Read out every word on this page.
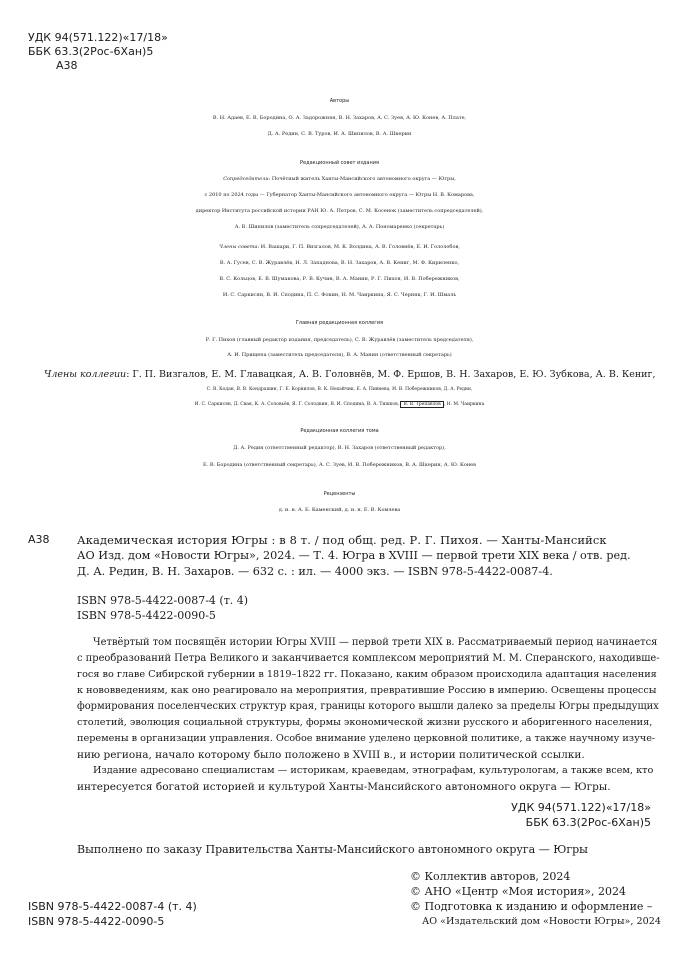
УДК 94(571.122)«17/18»
ББК 63.3(2Рос-6Хан)5
А38
Авторы
В. Н. Адаев, Е. В. Бородина, О. А. Задорожняя, В. Н. Захаров, А. С. Зуев, А. Ю. Конев, А. Плате,
Д. А. Редин, С. В. Туров, И. А. Шипилов, В. А. Шкерин
Редакционный совет издания
Сопредседатели: Почётный житель Ханты-Мансийского автономного округа — Югры,
с 2010 по 2024 годы — Губернатор Ханты-Мансийского автономного округа — Югры Н. В. Комарова,
директор Института российской истории РАН Ю. А. Петров, С. М. Косенок (заместитель сопредседателей),
А. В. Шипилов (заместитель сопредседателей), А. А. Пономаренко (секретарь)
Члены совета: И. Вашари, Г. П. Визгалов, М. К. Волдина, А. В. Головнёв, Е. И. Гололобов,
В. А. Гусев, С. В. Журавлёв, Н. Л. Западнова, В. Н. Захаров, А. В. Кениг, М. Ф. Кириленко,
В. С. Кольцов, Е. В. Шумакова, Р. В. Кучин, В. А. Манин, Р. Г. Пихоя, И. В. Побережников,
И. С. Саркисян, В. И. Сподина, П. С. Фокин, Н. М. Чаиркина, Я. С. Черняк, Г. И. Шмаль
Главная редакционная коллегия
Р. Г. Пихоя (главный редактор издания, председатель), С. В. Журавлёв (заместитель председателя),
А. И. Прищепа (заместитель председателя), В. А. Манин (ответственный секретарь)
Члены коллегии: Г. П. Визгалов, Е. М. Главацкая, А. В. Головнёв, М. Ф. Ершов, В. Н. Захаров, Е. Ю. Зубкова, А. В. Кениг,
С. В. Кодан, В. В. Кондрашин, Г. Е. Корнилов, В. К. Нехайчик, Е. А. Пивнева, И. В. Побережников, Д. А. Редин,
И. С. Саркисян, Д. Свак, К. А. Соловьёв, Я. Г. Солодкин, В. И. Сподина, В. А. Тишков, В. В. Трепавлов , Н. М. Чаиркина
Редакционная коллегия тома
Д. А. Редин (ответственный редактор), В. Н. Захаров (ответственный редактор),
Е. В. Бородина (ответственный секретарь), А. С. Зуев, И. В. Побережников, В. А. Шкерин, А. Ю. Конев
Рецензенты
д. и. н. А. Б. Каменский, д. и. н. Е. В. Комлева
А38 Академическая история Югры : в 8 т. / под общ. ред. Р. Г. Пихоя. — Ханты-Мансийск
АО Изд. дом «Новости Югры», 2024. — Т. 4. Югра в XVIII — первой трети XIX века / отв. ред.
Д. А. Редин, В. Н. Захаров. — 632 с. : ил. — 4000 экз. — ISBN 978-5-4422-0087-4.
ISBN 978-5-4422-0087-4 (т. 4)
ISBN 978-5-4422-0090-5
Четвёртый том посвящён истории Югры XVIII — первой трети XIX в. Рассматриваемый период начинается
с преобразований Петра Великого и заканчивается комплексом мероприятий М. М. Сперанского, находивше-
гося во главе Сибирской губернии в 1819–1822 гг. Показано, каким образом происходила адаптация населения
к нововведениям, как оно реагировало на мероприятия, превратившие Россию в империю. Освещены процессы
формирования поселенческих структур края, границы которого вышли далеко за пределы Югры предыдущих
столетий, эволюция социальной структуры, формы экономической жизни русского и аборигенного населения,
перемены в организации управления. Особое внимание уделено церковной политике, а также научному изуче-
нию региона, начало которому было положено в XVIII в., и истории политической ссылки.
Издание адресовано специалистам — историкам, краеведам, этнографам, культурологам, а также всем, кто
интересуется богатой историей и культурой Ханты-Мансийского автономного округа — Югры.
УДК 94(571.122)«17/18»
ББК 63.3(2Рос-6Хан)5
Выполнено по заказу Правительства Ханты-Мансийского автономного округа — Югры
© Коллектив авторов, 2024
© АНО «Центр «Моя история», 2024
© Подготовка к изданию и оформление –
АО «Издательский дом «Новости Югры», 2024
ISBN 978-5-4422-0087-4 (т. 4)
ISBN 978-5-4422-0090-5
